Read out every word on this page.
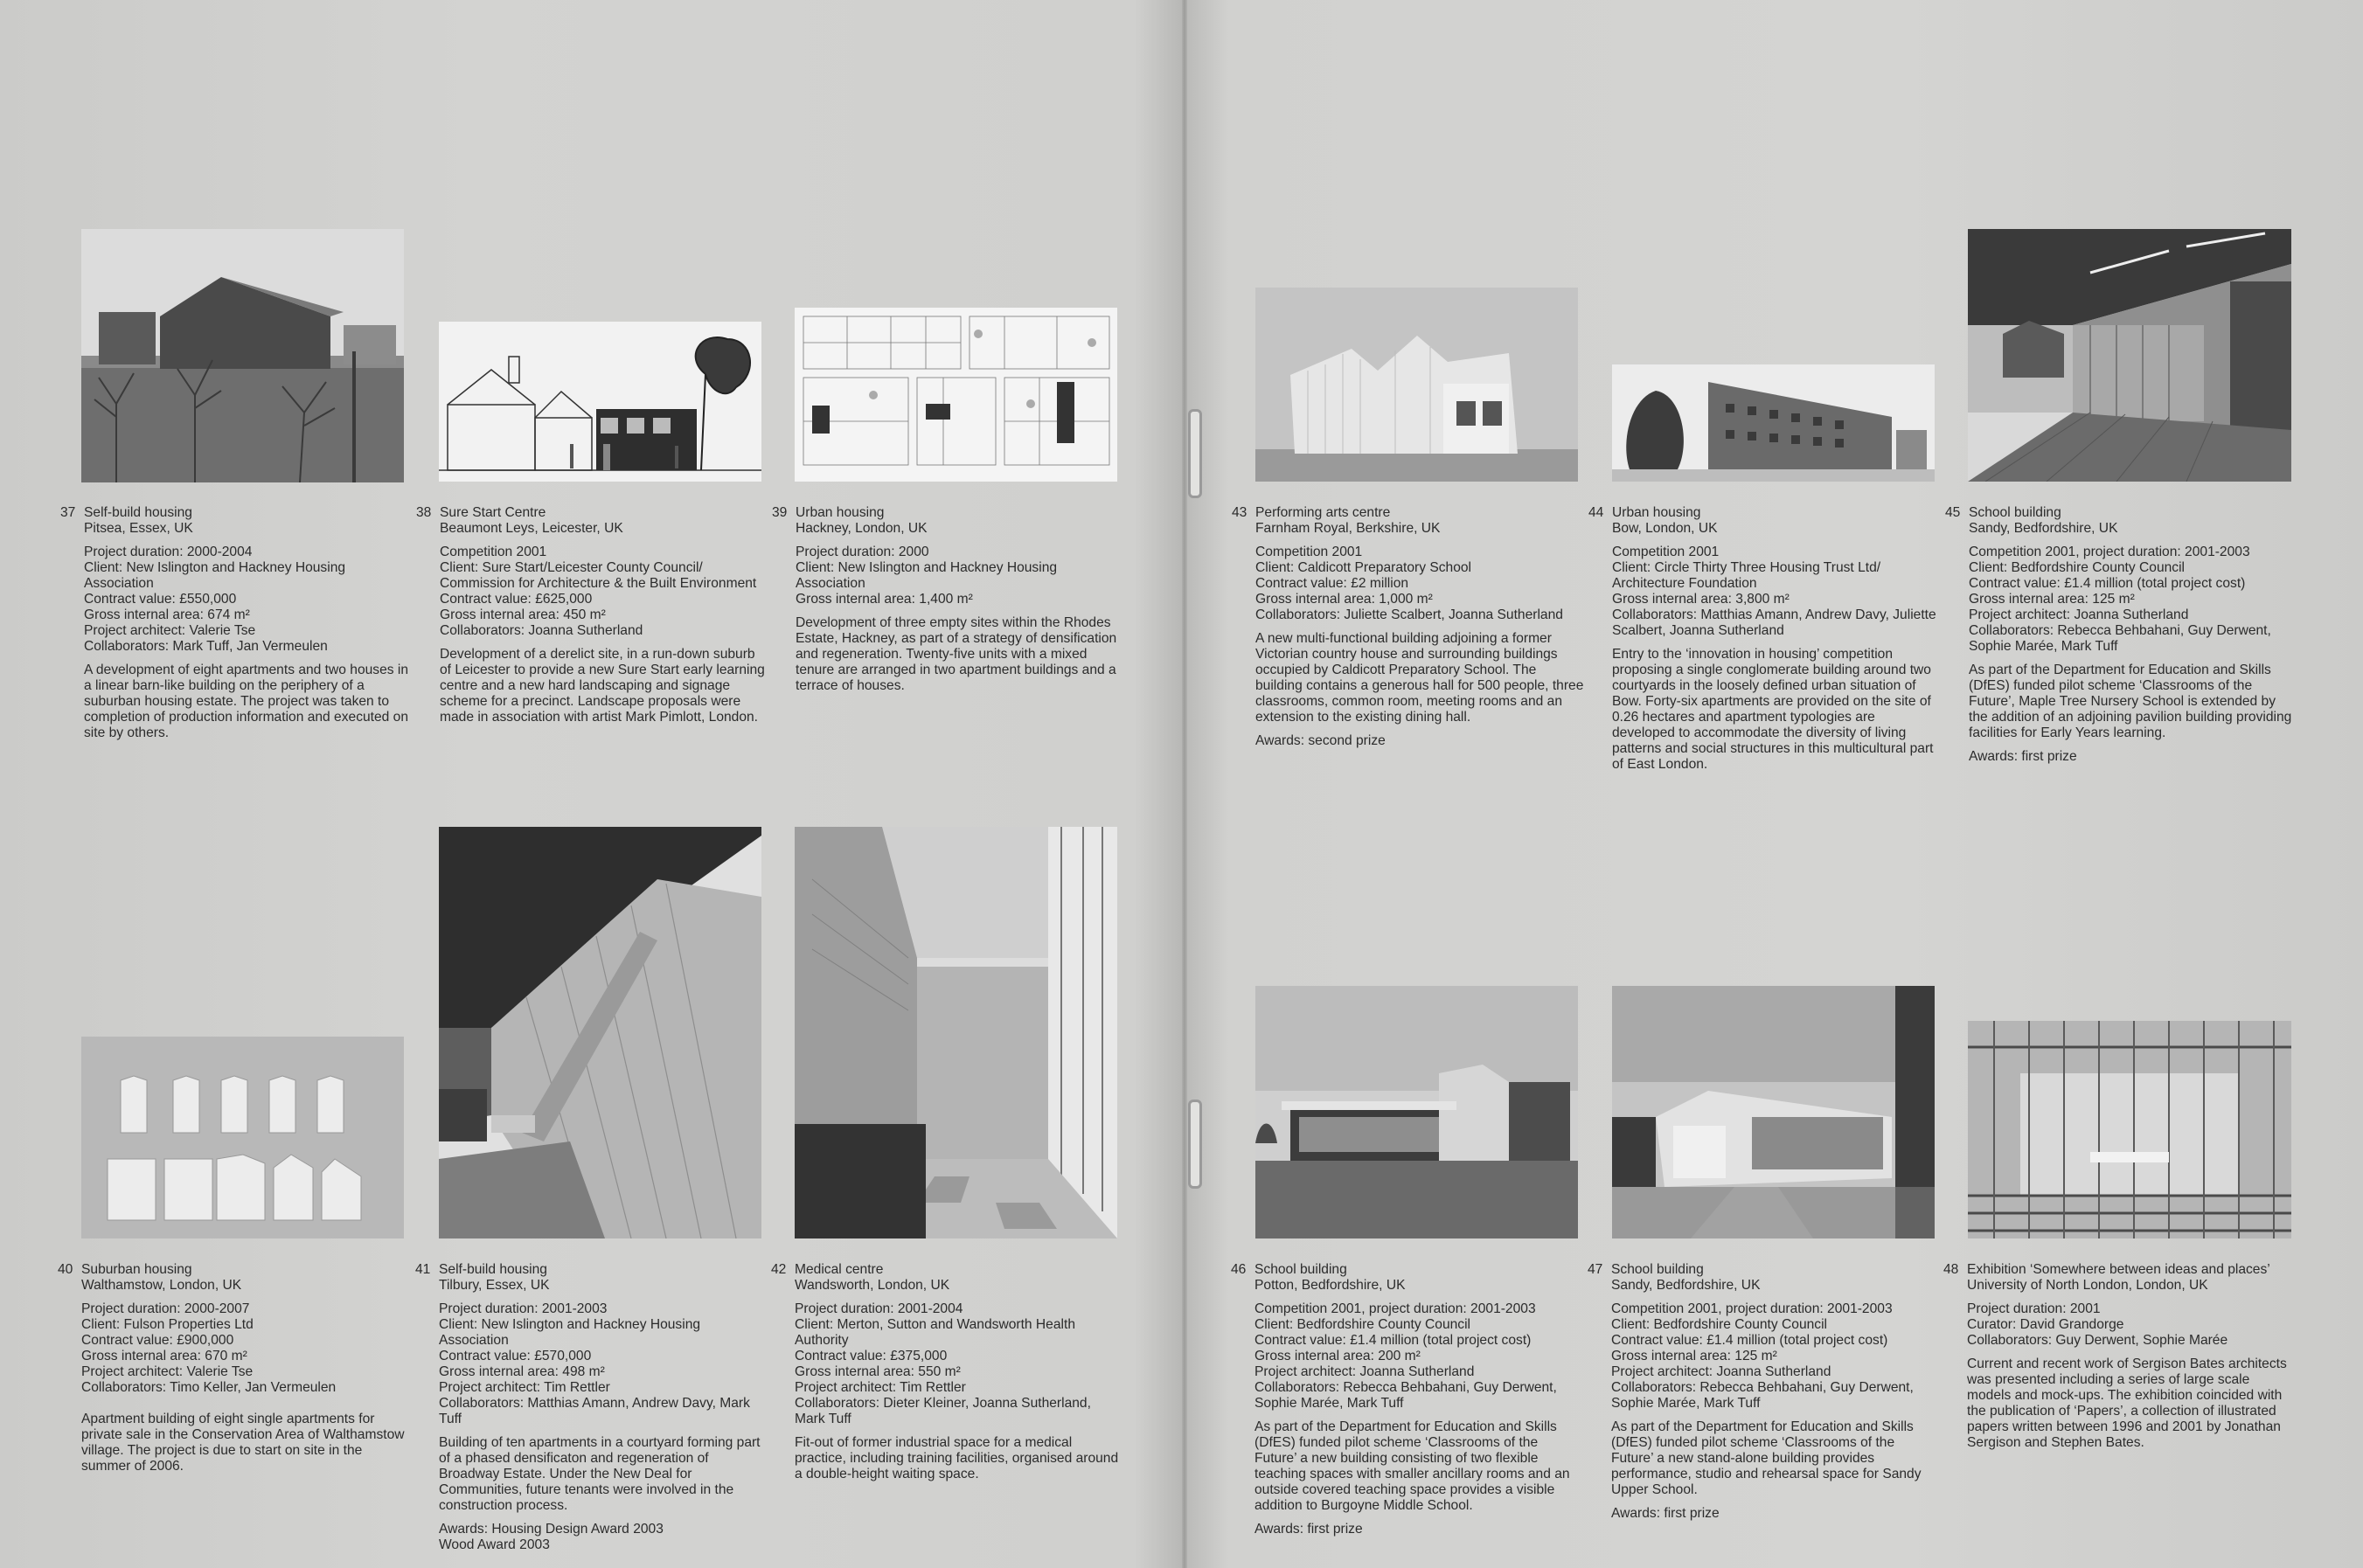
37 Self-build housing
Pitsea, Essex, UK
Project duration: 2000-2004
Client: New Islington and Hackney Housing Association
Contract value: £550,000
Gross internal area: 674 m²
Project architect: Valerie Tse
Collaborators: Mark Tuff, Jan Vermeulen
A development of eight apartments and two houses in a linear barn-like building on the periphery of a suburban housing estate. The project was taken to completion of production information and executed on site by others.
38 Sure Start Centre
Beaumont Leys, Leicester, UK
Competition 2001
Client: Sure Start/Leicester County Council/ Commission for Architecture & the Built Environment
Contract value: £625,000
Gross internal area: 450 m²
Collaborators: Joanna Sutherland
Development of a derelict site, in a run-down suburb of Leicester to provide a new Sure Start early learning centre and a new hard landscaping and signage scheme for a precinct. Landscape proposals were made in association with artist Mark Pimlott, London.
39 Urban housing
Hackney, London, UK
Project duration: 2000
Client: New Islington and Hackney Housing Association
Gross internal area: 1,400 m²
Development of three empty sites within the Rhodes Estate, Hackney, as part of a strategy of densification and regeneration. Twenty-five units with a mixed tenure are arranged in two apartment buildings and a terrace of houses.
43 Performing arts centre
Farnham Royal, Berkshire, UK
Competition 2001
Client: Caldicott Preparatory School
Contract value: £2 million
Gross internal area: 1,000 m²
Collaborators: Juliette Scalbert, Joanna Sutherland
A new multi-functional building adjoining a former Victorian country house and surrounding buildings occupied by Caldicott Preparatory School. The building contains a generous hall for 500 people, three classrooms, common room, meeting rooms and an extension to the existing dining hall.
Awards: second prize
44 Urban housing
Bow, London, UK
Competition 2001
Client: Circle Thirty Three Housing Trust Ltd/ Architecture Foundation
Gross internal area: 3,800 m²
Collaborators: Matthias Amann, Andrew Davy, Juliette Scalbert, Joanna Sutherland
Entry to the ‘innovation in housing’ competition proposing a single conglomerate building around two courtyards in the loosely defined urban situation of Bow. Forty-six apartments are provided on the site of 0.26 hectares and apartment typologies are developed to accommodate the diversity of living patterns and social structures in this multicultural part of East London.
45 School building
Sandy, Bedfordshire, UK
Competition 2001, project duration: 2001-2003
Client: Bedfordshire County Council
Contract value: £1.4 million (total project cost)
Gross internal area: 125 m²
Project architect: Joanna Sutherland
Collaborators: Rebecca Behbahani, Guy Derwent, Sophie Marée, Mark Tuff
As part of the Department for Education and Skills (DfES) funded pilot scheme ‘Classrooms of the Future’, Maple Tree Nursery School is extended by the addition of an adjoining pavilion building providing facilities for Early Years learning.
Awards: first prize
40 Suburban housing
Walthamstow, London, UK
Project duration: 2000-2007
Client: Fulson Properties Ltd
Contract value: £900,000
Gross internal area: 670 m²
Project architect: Valerie Tse
Collaborators: Timo Keller, Jan Vermeulen
Apartment building of eight single apartments for private sale in the Conservation Area of Walthamstow village. The project is due to start on site in the summer of 2006.
41 Self-build housing
Tilbury, Essex, UK
Project duration: 2001-2003
Client: New Islington and Hackney Housing Association
Contract value: £570,000
Gross internal area: 498 m²
Project architect: Tim Rettler
Collaborators: Matthias Amann, Andrew Davy, Mark Tuff
Building of ten apartments in a courtyard forming part of a phased densificaton and regeneration of Broadway Estate. Under the New Deal for Communities, future tenants were involved in the construction process.
Awards: Housing Design Award 2003
Wood Award 2003
42 Medical centre
Wandsworth, London, UK
Project duration: 2001-2004
Client: Merton, Sutton and Wandsworth Health Authority
Contract value: £375,000
Gross internal area: 550 m²
Project architect: Tim Rettler
Collaborators: Dieter Kleiner, Joanna Sutherland, Mark Tuff
Fit-out of former industrial space for a medical practice, including training facilities, organised around a double-height waiting space.
46 School building
Potton, Bedfordshire, UK
Competition 2001, project duration: 2001-2003
Client: Bedfordshire County Council
Contract value: £1.4 million (total project cost)
Gross internal area: 200 m²
Project architect: Joanna Sutherland
Collaborators: Rebecca Behbahani, Guy Derwent, Sophie Marée, Mark Tuff
As part of the Department for Education and Skills (DfES) funded pilot scheme ‘Classrooms of the Future’ a new building consisting of two flexible teaching spaces with smaller ancillary rooms and an outside covered teaching space provides a visible addition to Burgoyne Middle School.
Awards: first prize
47 School building
Sandy, Bedfordshire, UK
Competition 2001, project duration: 2001-2003
Client: Bedfordshire County Council
Contract value: £1.4 million (total project cost)
Gross internal area: 125 m²
Project architect: Joanna Sutherland
Collaborators: Rebecca Behbahani, Guy Derwent, Sophie Marée, Mark Tuff
As part of the Department for Education and Skills (DfES) funded pilot scheme ‘Classrooms of the Future’ a new stand-alone building provides performance, studio and rehearsal space for Sandy Upper School.
Awards: first prize
48 Exhibition ‘Somewhere between ideas and places’
University of North London, London, UK
Project duration: 2001
Curator: David Grandorge
Collaborators: Guy Derwent, Sophie Marée
Current and recent work of Sergison Bates architects was presented including a series of large scale models and mock-ups. The exhibition coincided with the publication of ‘Papers’, a collection of illustrated papers written between 1996 and 2001 by Jonathan Sergison and Stephen Bates.
